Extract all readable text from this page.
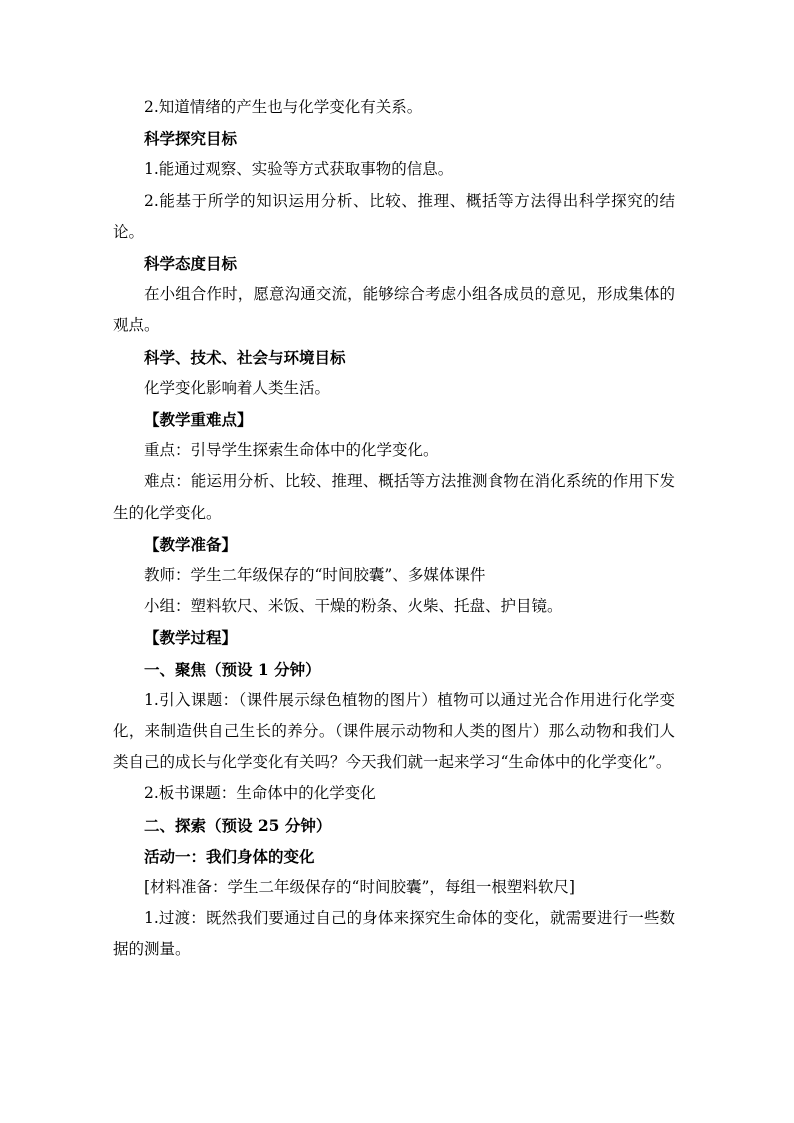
2.知道情绪的产生也与化学变化有关系。

科学探究目标

1.能通过观察、实验等方式获取事物的信息。

2.能基于所学的知识运用分析、比较、推理、概括等方法得出科学探究的结论。

科学态度目标

在小组合作时，愿意沟通交流，能够综合考虑小组各成员的意见，形成集体的观点。

科学、技术、社会与环境目标

化学变化影响着人类生活。

【教学重难点】

重点：引导学生探索生命体中的化学变化。

难点：能运用分析、比较、推理、概括等方法推测食物在消化系统的作用下发生的化学变化。

【教学准备】

教师：学生二年级保存的“时间胶囊”、多媒体课件

小组：塑料软尺、米饭、干燥的粉条、火柴、托盘、护目镜。

【教学过程】

一、聚焦（预设 1 分钟）

1.引入课题：（课件展示绿色植物的图片）植物可以通过光合作用进行化学变化，来制造供自己生长的养分。（课件展示动物和人类的图片）那么动物和我们人类自己的成长与化学变化有关吗？今天我们就一起来学习“生命体中的化学变化”。

2.板书课题：生命体中的化学变化

二、探索（预设 25 分钟）

活动一：我们身体的变化

[材料准备：学生二年级保存的“时间胶囊”，每组一根塑料软尺]

1.过渡：既然我们要通过自己的身体来探究生命体的变化，就需要进行一些数据的测量。
